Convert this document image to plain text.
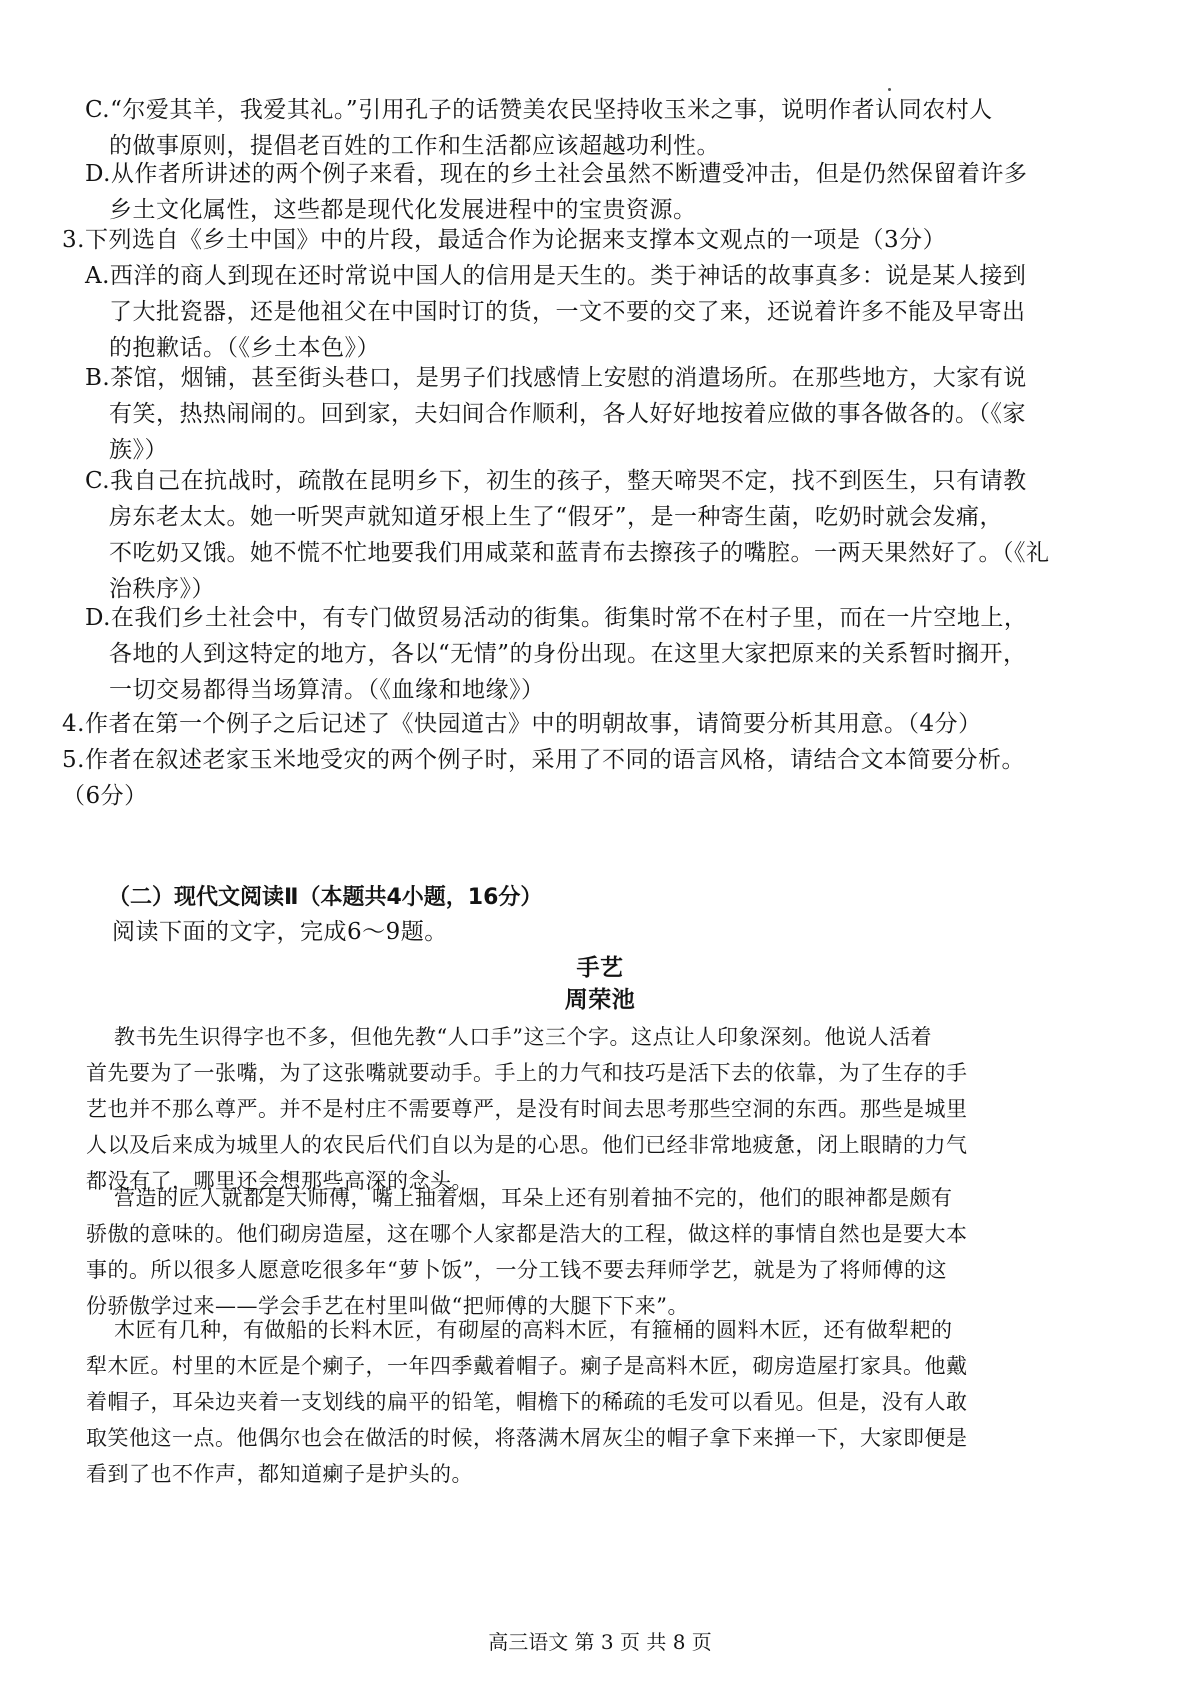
C.“尔爱其羊，我爱其礼。”引用孔子的话赞美农民坚持收玉米之事，说明作者认同农村人
的做事原则，提倡老百姓的工作和生活都应该超越功利性。
D.从作者所讲述的两个例子来看，现在的乡土社会虽然不断遭受冲击，但是仍然保留着许多
乡土文化属性，这些都是现代化发展进程中的宝贵资源。
3.下列选自《乡土中国》中的片段，最适合作为论据来支撑本文观点的一项是（3分）
A.西洋的商人到现在还时常说中国人的信用是天生的。类于神话的故事真多：说是某人接到
了大批瓷器，还是他祖父在中国时订的货，一文不要的交了来，还说着许多不能及早寄出
的抱歉话。（《乡土本色》）
B.茶馆，烟铺，甚至街头巷口，是男子们找感情上安慰的消遣场所。在那些地方，大家有说
有笑，热热闹闹的。回到家，夫妇间合作顺利，各人好好地按着应做的事各做各的。（《家
族》）
C.我自己在抗战时，疏散在昆明乡下，初生的孩子，整天啼哭不定，找不到医生，只有请教
房东老太太。她一听哭声就知道牙根上生了“假牙”，是一种寄生菌，吃奶时就会发痛，
不吃奶又饿。她不慌不忙地要我们用咸菜和蓝青布去擦孩子的嘴腔。一两天果然好了。（《礼
治秩序》）
D.在我们乡土社会中，有专门做贸易活动的街集。街集时常不在村子里，而在一片空地上，
各地的人到这特定的地方，各以“无情”的身份出现。在这里大家把原来的关系暂时搁开，
一切交易都得当场算清。（《血缘和地缘》）
4.作者在第一个例子之后记述了《快园道古》中的明朝故事，请简要分析其用意。（4分）
5.作者在叙述老家玉米地受灾的两个例子时，采用了不同的语言风格，请结合文本简要分析。
（6分）
（二）现代文阅读Ⅱ（本题共4小题，16分）
阅读下面的文字，完成6～9题。
手艺
周荣池
教书先生识得字也不多，但他先教“人口手”这三个字。这点让人印象深刻。他说人活着
首先要为了一张嘴，为了这张嘴就要动手。手上的力气和技巧是活下去的依靠，为了生存的手
艺也并不那么尊严。并不是村庄不需要尊严，是没有时间去思考那些空洞的东西。那些是城里
人以及后来成为城里人的农民后代们自以为是的心思。他们已经非常地疲惫，闭上眼睛的力气
都没有了，哪里还会想那些高深的念头。
营造的匠人就都是大师傅，嘴上抽着烟，耳朵上还有别着抽不完的，他们的眼神都是颇有
骄傲的意味的。他们砌房造屋，这在哪个人家都是浩大的工程，做这样的事情自然也是要大本
事的。所以很多人愿意吃很多年“萝卜饭”，一分工钱不要去拜师学艺，就是为了将师傅的这
份骄傲学过来——学会手艺在村里叫做“把师傅的大腿下下来”。
木匠有几种，有做船的长料木匠，有砌屋的高料木匠，有箍桶的圆料木匠，还有做犁耙的
犁木匠。村里的木匠是个瘌子，一年四季戴着帽子。瘌子是高料木匠，砌房造屋打家具。他戴
着帽子，耳朵边夹着一支划线的扁平的铅笔，帽檐下的稀疏的毛发可以看见。但是，没有人敢
取笑他这一点。他偶尔也会在做活的时候，将落满木屑灰尘的帽子拿下来掸一下，大家即便是
看到了也不作声，都知道瘌子是护头的。
高三语文 第 3 页 共 8 页
